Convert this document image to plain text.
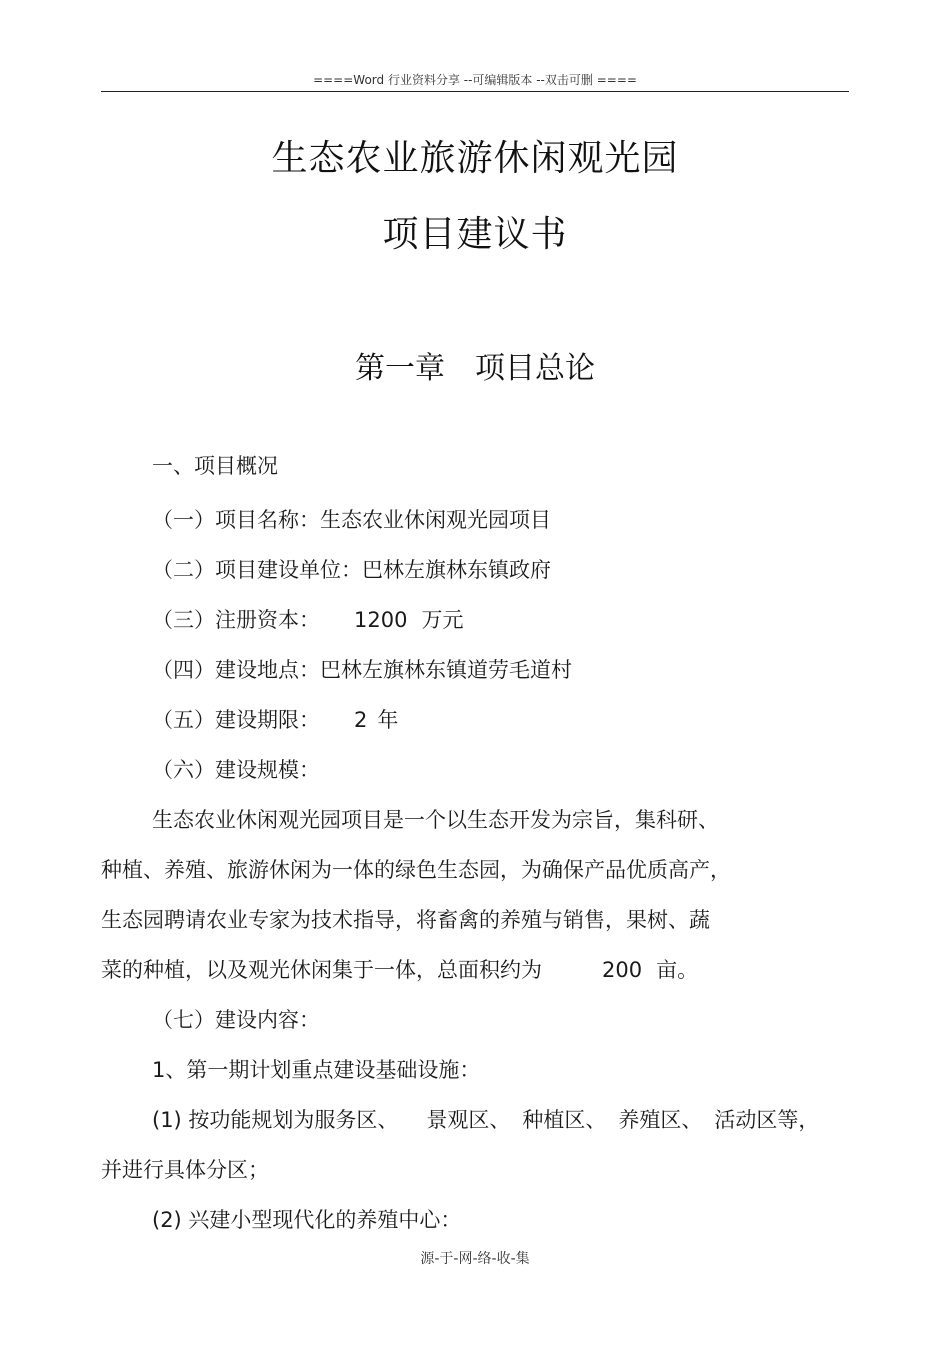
====Word 行业资料分享 --可编辑版本 --双击可删 ====
生态农业旅游休闲观光园
项目建议书
第一章 项目总论
一、项目概况
（一）项目名称：生态农业休闲观光园项目
（二）项目建设单位：巴林左旗林东镇政府
（三）注册资本： 1200 万元
（四）建设地点：巴林左旗林东镇道劳毛道村
（五）建设期限： 2 年
（六）建设规模：
生态农业休闲观光园项目是一个以生态开发为宗旨，集科研、
种植、养殖、旅游休闲为一体的绿色生态园，为确保产品优质高产，
生态园聘请农业专家为技术指导，将畜禽的养殖与销售，果树、蔬
菜的种植，以及观光休闲集于一体，总面积约为	200 亩。
（七）建设内容：
1、第一期计划重点建设基础设施：
(1) 按功能规划为服务区、 景观区、 种植区、 养殖区、 活动区等，
并进行具体分区；
(2) 兴建小型现代化的养殖中心：
源-于-网-络-收-集
